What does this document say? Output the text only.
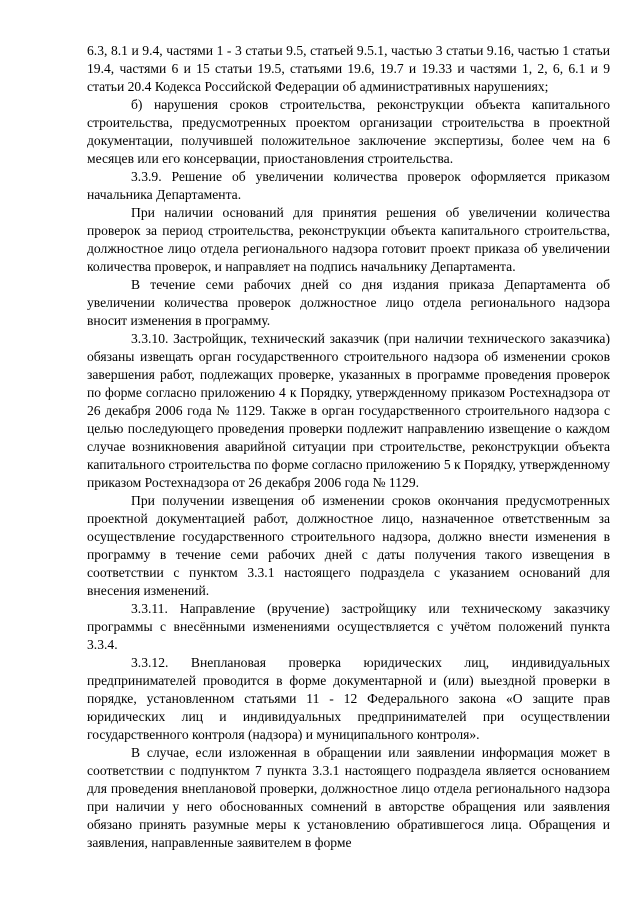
6.3, 8.1 и 9.4, частями 1 - 3 статьи 9.5, статьей 9.5.1, частью 3 статьи 9.16, частью 1 статьи 19.4, частями 6 и 15 статьи 19.5, статьями 19.6, 19.7 и 19.33 и частями 1, 2, 6, 6.1 и 9 статьи 20.4 Кодекса Российской Федерации об административных нарушениях;

б) нарушения сроков строительства, реконструкции объекта капитального строительства, предусмотренных проектом организации строительства в проектной документации, получившей положительное заключение экспертизы, более чем на 6 месяцев или его консервации, приостановления строительства.

3.3.9. Решение об увеличении количества проверок оформляется приказом начальника Департамента.

При наличии оснований для принятия решения об увеличении количества проверок за период строительства, реконструкции объекта капитального строительства, должностное лицо отдела регионального надзора готовит проект приказа об увеличении количества проверок, и направляет на подпись начальнику Департамента.

В течение семи рабочих дней со дня издания приказа Департамента об увеличении количества проверок должностное лицо отдела регионального надзора вносит изменения в программу.

3.3.10. Застройщик, технический заказчик (при наличии технического заказчика) обязаны извещать орган государственного строительного надзора об изменении сроков завершения работ, подлежащих проверке, указанных в программе проведения проверок по форме согласно приложению 4 к Порядку, утвержденному приказом Ростехнадзора от 26 декабря 2006 года № 1129. Также в орган государственного строительного надзора с целью последующего проведения проверки подлежит направлению извещение о каждом случае возникновения аварийной ситуации при строительстве, реконструкции объекта капитального строительства по форме согласно приложению 5 к Порядку, утвержденному приказом Ростехнадзора от 26 декабря 2006 года № 1129.

При получении извещения об изменении сроков окончания предусмотренных проектной документацией работ, должностное лицо, назначенное ответственным за осуществление государственного строительного надзора, должно внести изменения в программу в течение семи рабочих дней с даты получения такого извещения в соответствии с пунктом 3.3.1 настоящего подраздела с указанием оснований для внесения изменений.

3.3.11. Направление (вручение) застройщику или техническому заказчику программы с внесёнными изменениями осуществляется с учётом положений пункта 3.3.4.

3.3.12. Внеплановая проверка юридических лиц, индивидуальных предпринимателей проводится в форме документарной и (или) выездной проверки в порядке, установленном статьями 11 - 12 Федерального закона «О защите прав юридических лиц и индивидуальных предпринимателей при осуществлении государственного контроля (надзора) и муниципального контроля».

В случае, если изложенная в обращении или заявлении информация может в соответствии с подпунктом 7 пункта 3.3.1 настоящего подраздела является основанием для проведения внеплановой проверки, должностное лицо отдела регионального надзора при наличии у него обоснованных сомнений в авторстве обращения или заявления обязано принять разумные меры к установлению обратившегося лица. Обращения и заявления, направленные заявителем в форме
